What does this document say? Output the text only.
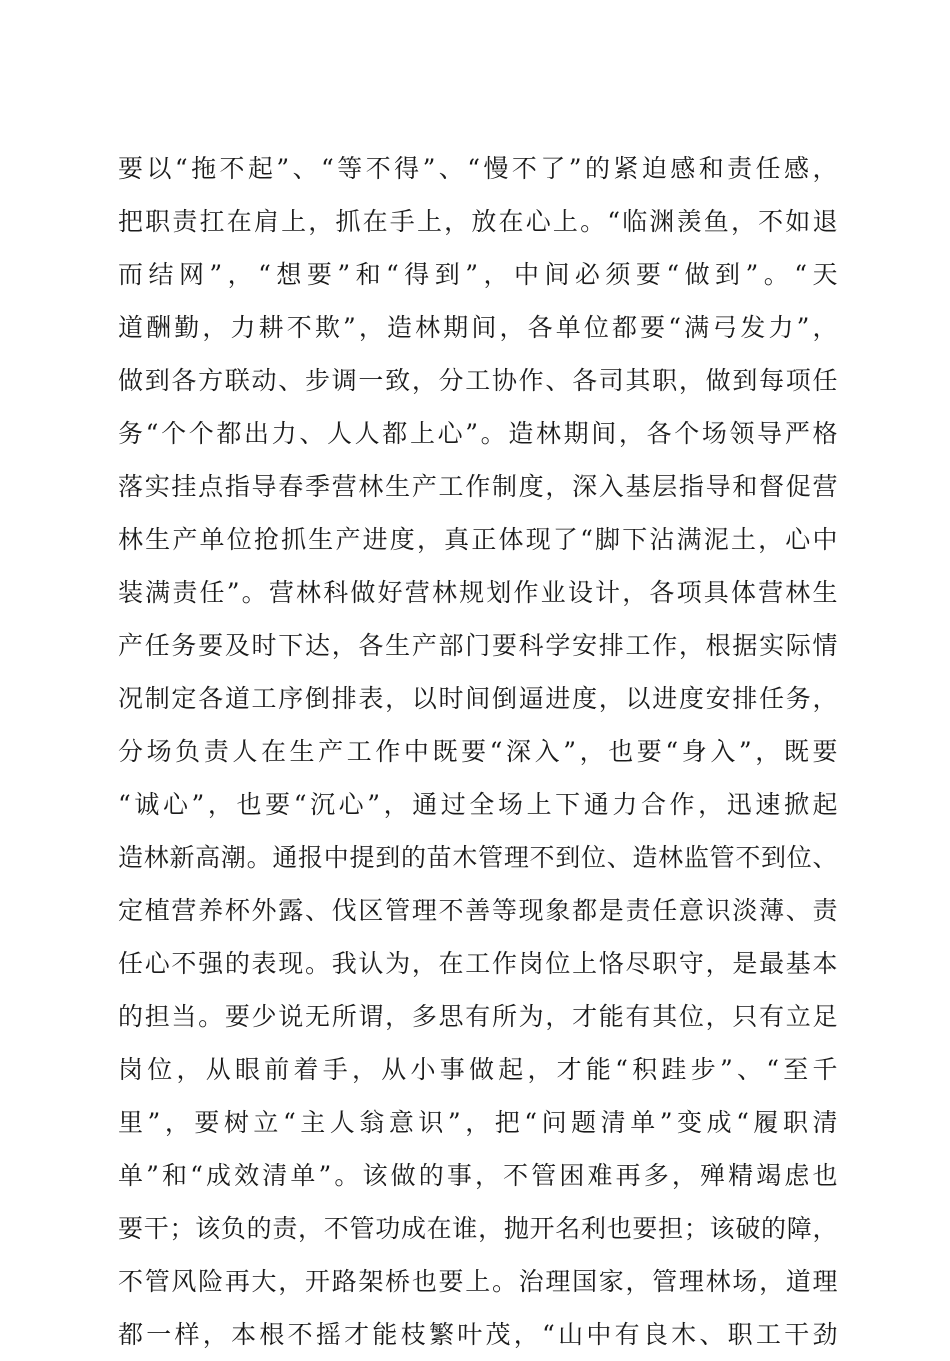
要以“拖不起”、“等不得”、“慢不了”的紧迫感和责任感，
把职责扛在肩上，抓在手上，放在心上。“临渊羡鱼，不如退
而结网”，“想要”和“得到”，中间必须要“做到”。“天
道酬勤，力耕不欺”，造林期间，各单位都要“满弓发力”，
做到各方联动、步调一致，分工协作、各司其职，做到每项任
务“个个都出力、人人都上心”。造林期间，各个场领导严格
落实挂点指导春季营林生产工作制度，深入基层指导和督促营
林生产单位抢抓生产进度，真正体现了“脚下沾满泥土，心中
装满责任”。营林科做好营林规划作业设计，各项具体营林生
产任务要及时下达，各生产部门要科学安排工作，根据实际情
况制定各道工序倒排表，以时间倒逼进度，以进度安排任务，
分场负责人在生产工作中既要“深入”，也要“身入”，既要
“诚心”，也要“沉心”，通过全场上下通力合作，迅速掀起
造林新高潮。通报中提到的苗木管理不到位、造林监管不到位、
定植营养杯外露、伐区管理不善等现象都是责任意识淡薄、责
任心不强的表现。我认为，在工作岗位上恪尽职守，是最基本
的担当。要少说无所谓，多思有所为，才能有其位，只有立足
岗位，从眼前着手，从小事做起，才能“积跬步”、“至千
里”，要树立“主人翁意识”，把“问题清单”变成“履职清
单”和“成效清单”。该做的事，不管困难再多，殚精竭虑也
要干；该负的责，不管功成在谁，抛开名利也要担；该破的障，
不管风险再大，开路架桥也要上。治理国家，管理林场，道理
都一样，本根不摇才能枝繁叶茂，“山中有良木、职工干劲
